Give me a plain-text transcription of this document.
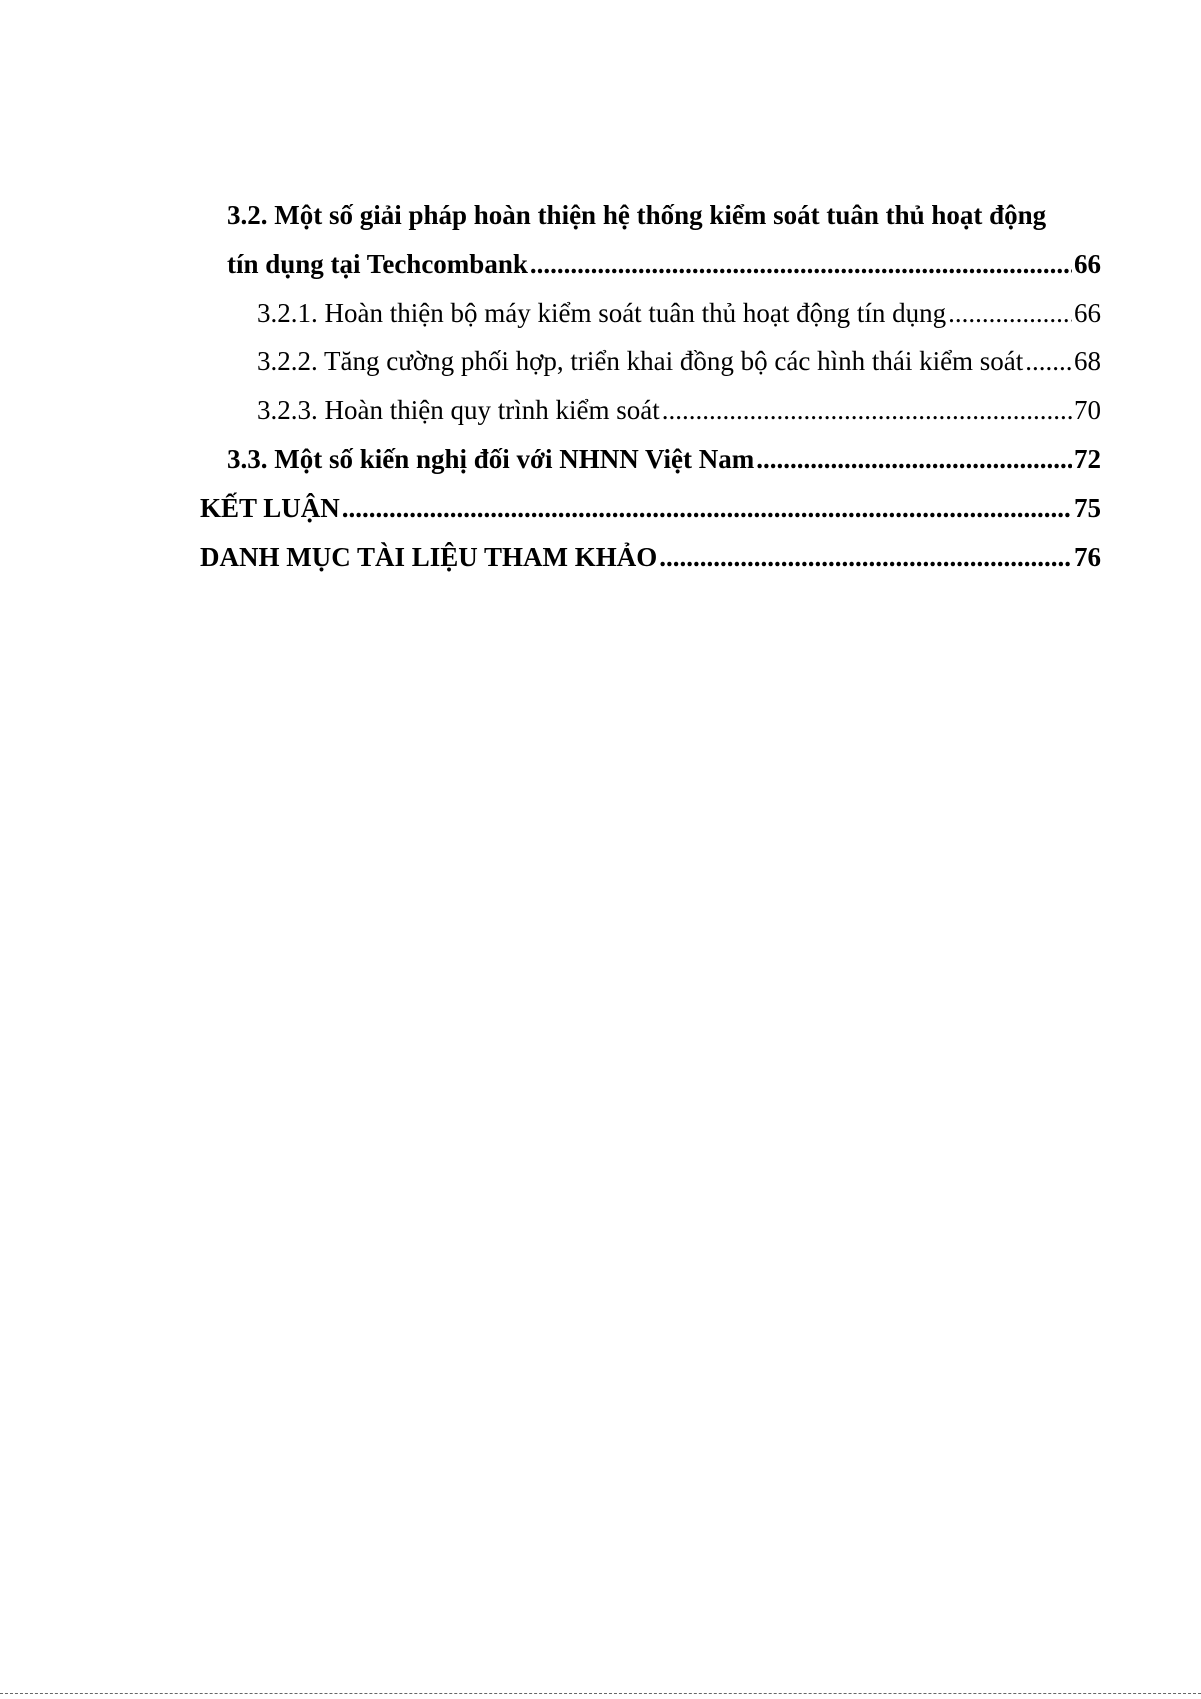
3.2. Một số giải pháp hoàn thiện hệ thống kiểm soát tuân thủ hoạt động
tín dụng tại Techcombank .....	66
3.2.1. Hoàn thiện bộ máy kiểm soát tuân thủ hoạt động tín dụng .....	66
3.2.2. Tăng cường phối hợp, triển khai đồng bộ các hình thái kiểm soát ..... 68
3.2.3. Hoàn thiện quy trình kiểm soát .....	70
3.3. Một số kiến nghị đối với NHNN Việt Nam .....	72
KẾT LUẬN .....	75
DANH MỤC TÀI LIỆU THAM KHẢO .....	76
